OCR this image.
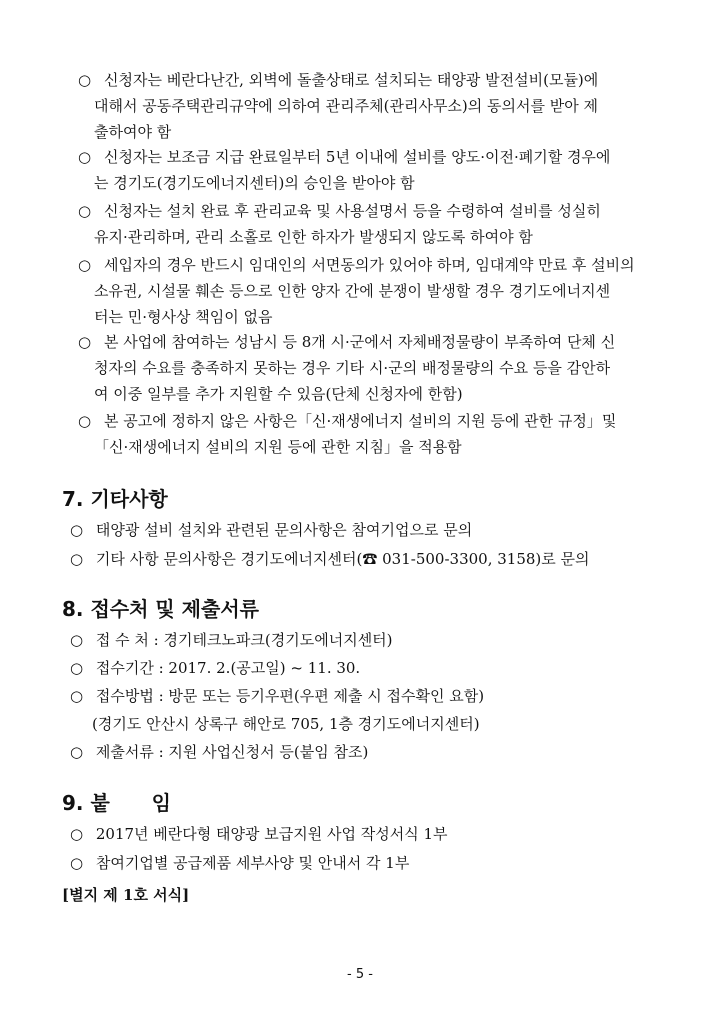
○ 신청자는 베란다난간, 외벽에 돌출상태로 설치되는 태양광 발전설비(모듈)에
대해서 공동주택관리규약에 의하여 관리주체(관리사무소)의 동의서를 받아 제
출하여야 함
○ 신청자는 보조금 지급 완료일부터 5년 이내에 설비를 양도·이전·폐기할 경우에
는 경기도(경기도에너지센터)의 승인을 받아야 함
○ 신청자는 설치 완료 후 관리교육 및 사용설명서 등을 수령하여 설비를 성실히
유지·관리하며, 관리 소홀로 인한 하자가 발생되지 않도록 하여야 함
○ 세입자의 경우 반드시 임대인의 서면동의가 있어야 하며, 임대계약 만료 후 설비의
소유권, 시설물 훼손 등으로 인한 양자 간에 분쟁이 발생할 경우 경기도에너지센
터는 민·형사상 책임이 없음
○ 본 사업에 참여하는 성남시 등 8개 시·군에서 자체배정물량이 부족하여 단체 신
청자의 수요를 충족하지 못하는 경우 기타 시·군의 배정물량의 수요 등을 감안하
여 이중 일부를 추가 지원할 수 있음(단체 신청자에 한함)
○ 본 공고에 정하지 않은 사항은「신·재생에너지 설비의 지원 등에 관한 규정」및
「신·재생에너지 설비의 지원 등에 관한 지침」을 적용함
7. 기타사항
○ 태양광 설비 설치와 관련된 문의사항은 참여기업으로 문의
○ 기타 사항 문의사항은 경기도에너지센터(☎ 031-500-3300, 3158)로 문의
8. 접수처 및 제출서류
○ 접 수 처 : 경기테크노파크(경기도에너지센터)
○ 접수기간 : 2017. 2.(공고일) ~ 11. 30.
○ 접수방법 : 방문 또는 등기우편(우편 제출 시 접수확인 요함)
(경기도 안산시 상록구 해안로 705, 1층 경기도에너지센터)
○ 제출서류 : 지원 사업신청서 등(붙임 참조)
9. 붙      임
○ 2017년 베란다형 태양광 보급지원 사업 작성서식 1부
○ 참여기업별 공급제품 세부사양 및 안내서 각 1부
[별지 제 1호 서식]
- 5 -
